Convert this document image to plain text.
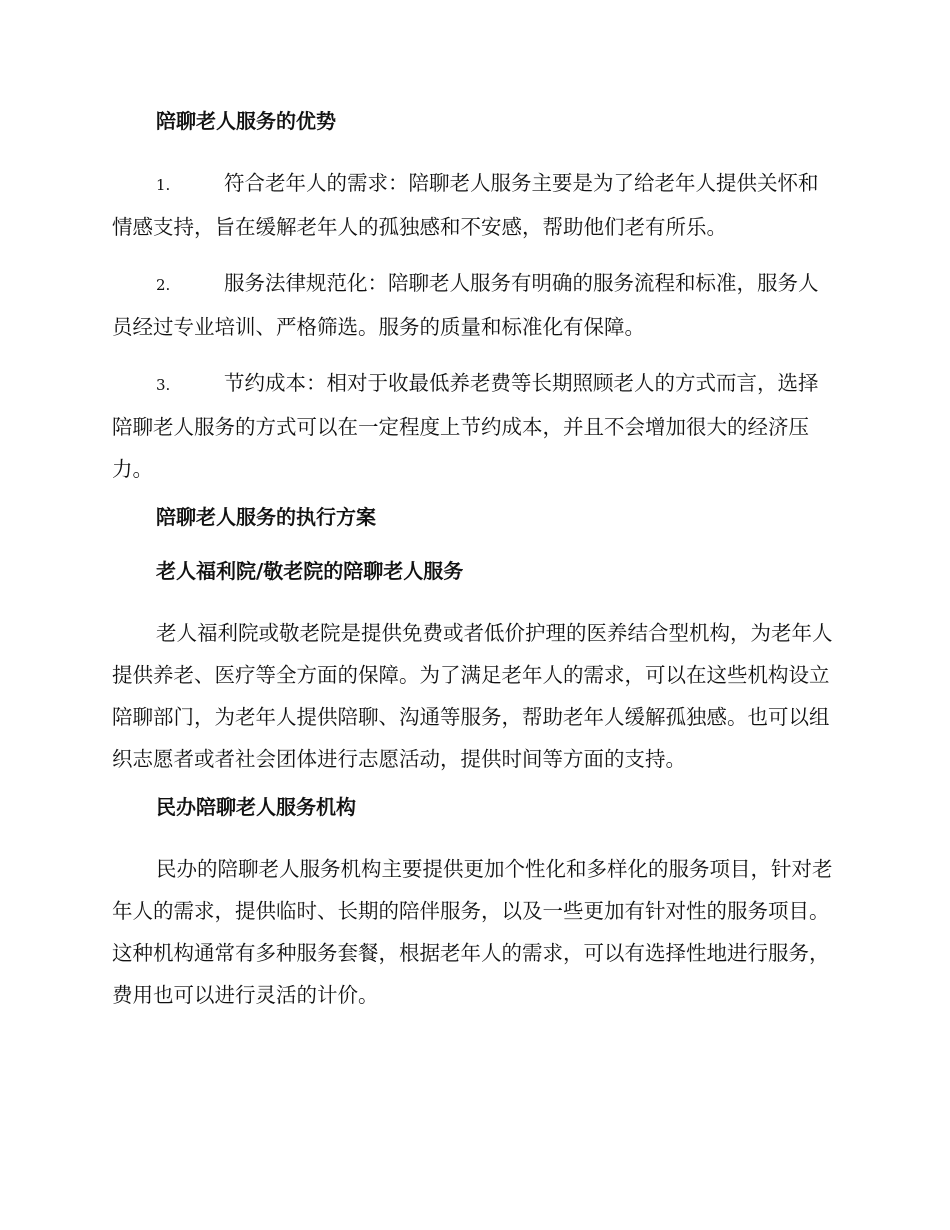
陪聊老人服务的优势

1.	符合老年人的需求：陪聊老人服务主要是为了给老年人提供关怀和情感支持，旨在缓解老年人的孤独感和不安感，帮助他们老有所乐。

2.	服务法律规范化：陪聊老人服务有明确的服务流程和标准，服务人员经过专业培训、严格筛选。服务的质量和标准化有保障。

3.	节约成本：相对于收最低养老费等长期照顾老人的方式而言，选择陪聊老人服务的方式可以在一定程度上节约成本，并且不会增加很大的经济压力。

陪聊老人服务的执行方案
老人福利院/敬老院的陪聊老人服务

老人福利院或敬老院是提供免费或者低价护理的医养结合型机构，为老年人提供养老、医疗等全方面的保障。为了满足老年人的需求，可以在这些机构设立陪聊部门，为老年人提供陪聊、沟通等服务，帮助老年人缓解孤独感。也可以组织志愿者或者社会团体进行志愿活动，提供时间等方面的支持。

民办陪聊老人服务机构

民办的陪聊老人服务机构主要提供更加个性化和多样化的服务项目，针对老年人的需求，提供临时、长期的陪伴服务，以及一些更加有针对性的服务项目。这种机构通常有多种服务套餐，根据老年人的需求，可以有选择性地进行服务，费用也可以进行灵活的计价。
